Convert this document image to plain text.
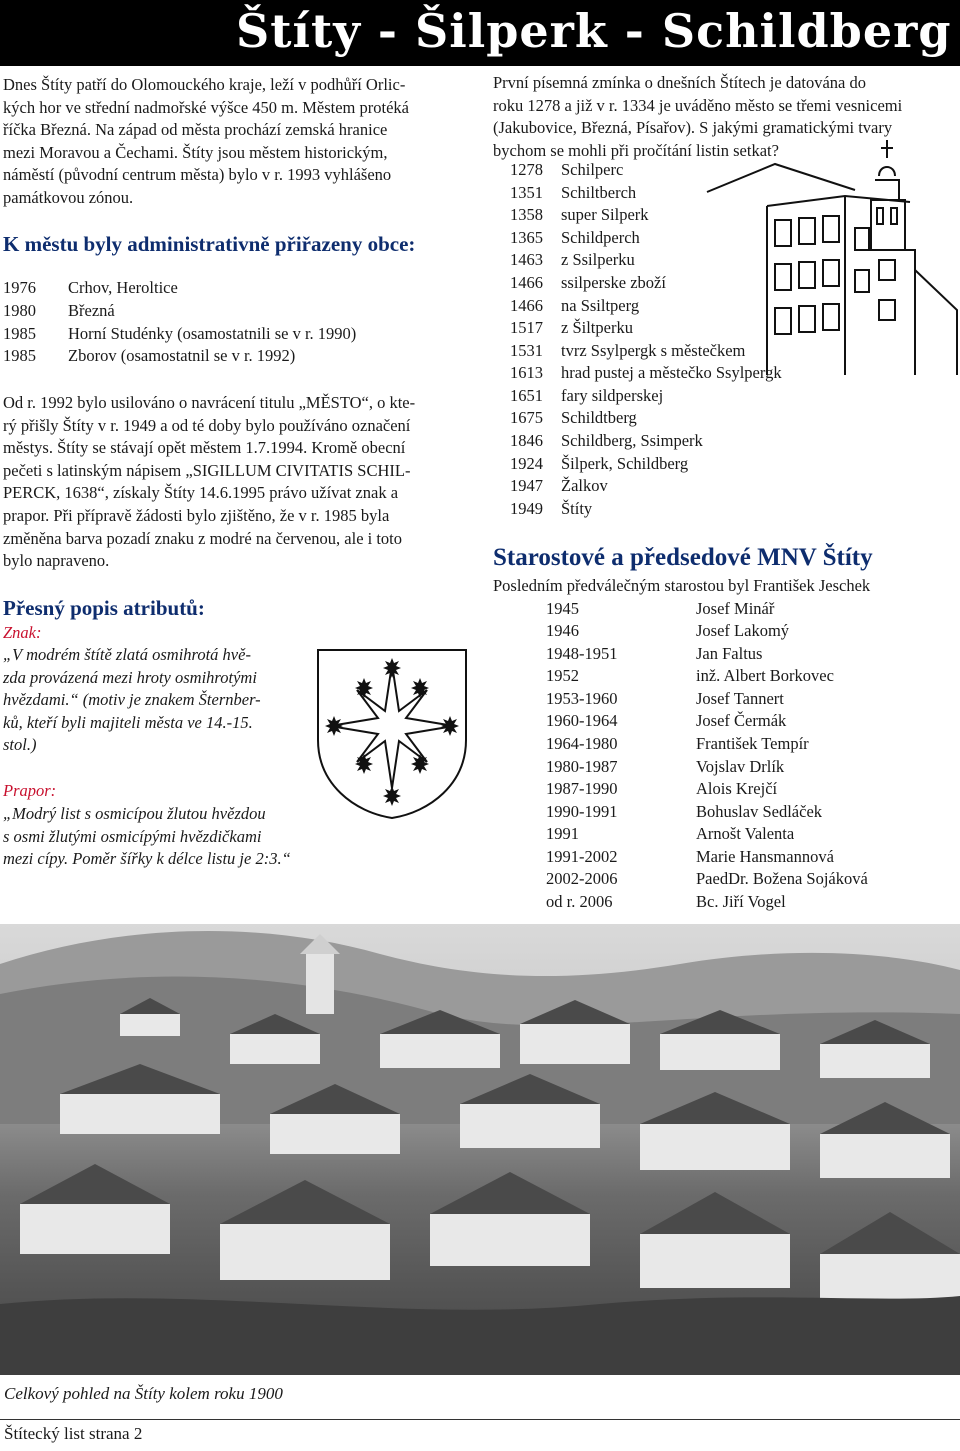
Štíty - Šilperk - Schildberg
Dnes Štíty patří do Olomouckého kraje, leží v podhůří Orlic-
kých hor ve střední nadmořské výšce 450 m. Městem protéká
říčka Březná. Na západ od města prochází zemská hranice
mezi Moravou a Čechami. Štíty jsou městem historickým,
náměstí (původní centrum města) bylo v r. 1993 vyhlášeno
památkovou zónou.
K městu byly administrativně přiřazeny obce:
1976 Crhov, Heroltice
1980 Březná
1985 Horní Studénky (osamostatnili se v r. 1990)
1985 Zborov (osamostatnil se v r. 1992)
Od r. 1992 bylo usilováno o navrácení titulu „MĚSTO“, o kte-
rý přišly Štíty v r. 1949 a od té doby bylo používáno označení
městys. Štíty se stávají opět městem 1.7.1994. Kromě obecní
pečeti s latinským nápisem „SIGILLUM CIVITATIS SCHIL-
PERCK, 1638“, získaly Štíty 14.6.1995 právo užívat znak a
prapor. Při přípravě žádosti bylo zjištěno, že v r. 1985 byla
změněna barva pozadí znaku z modré na červenou, ale i toto
bylo napraveno.
Přesný popis atributů:
Znak:
„V modrém štítě zlatá osmihrotá hvě-
zda provázená mezi hroty osmihrotými
hvězdami.“ (motiv je znakem Šternber-
ků, kteří byli majiteli města ve 14.-15.
stol.)
Prapor:
„Modrý list s osmicípou žlutou hvězdou
s osmi žlutými osmicípými hvězdičkami
mezi cípy. Poměr šířky k délce listu je 2:3.“
První písemná zmínka o dnešních Štítech je datována do
roku 1278 a již v r. 1334 je uváděno město se třemi vesnicemi
(Jakubovice, Březná, Písařov). S jakými gramatickými tvary
bychom se mohli při pročítání listin setkat?
1278 Schilperc
1351 Schiltberch
1358 super Silperk
1365 Schildperch
1463 z Ssilperku
1466 ssilperske zboží
1466 na Ssiltperg
1517 z Šiltperku
1531 tvrz Ssylpergk s městečkem
1613 hrad pustej a městečko Ssylpergk
1651 fary sildperskej
1675 Schildtberg
1846 Schildberg, Ssimperk
1924 Šilperk, Schildberg
1947 Žalkov
1949 Štíty
Starostové a předsedové MNV Štíty
Posledním předválečným starostou byl František Jeschek
1945	Josef Minář
1946	Josef Lakomý
1948-1951	Jan Faltus
1952	inž. Albert Borkovec
1953-1960	Josef Tannert
1960-1964	Josef Čermák
1964-1980	František Tempír
1980-1987	Vojslav Drlík
1987-1990	Alois Krejčí
1990-1991	Bohuslav Sedláček
1991	Arnošt Valenta
1991-2002	Marie Hansmannová
2002-2006	PaedDr. Božena Sojáková
od r. 2006	Bc. Jiří Vogel

Celkový pohled na Štíty kolem roku 1900

Štítecký list strana 2
